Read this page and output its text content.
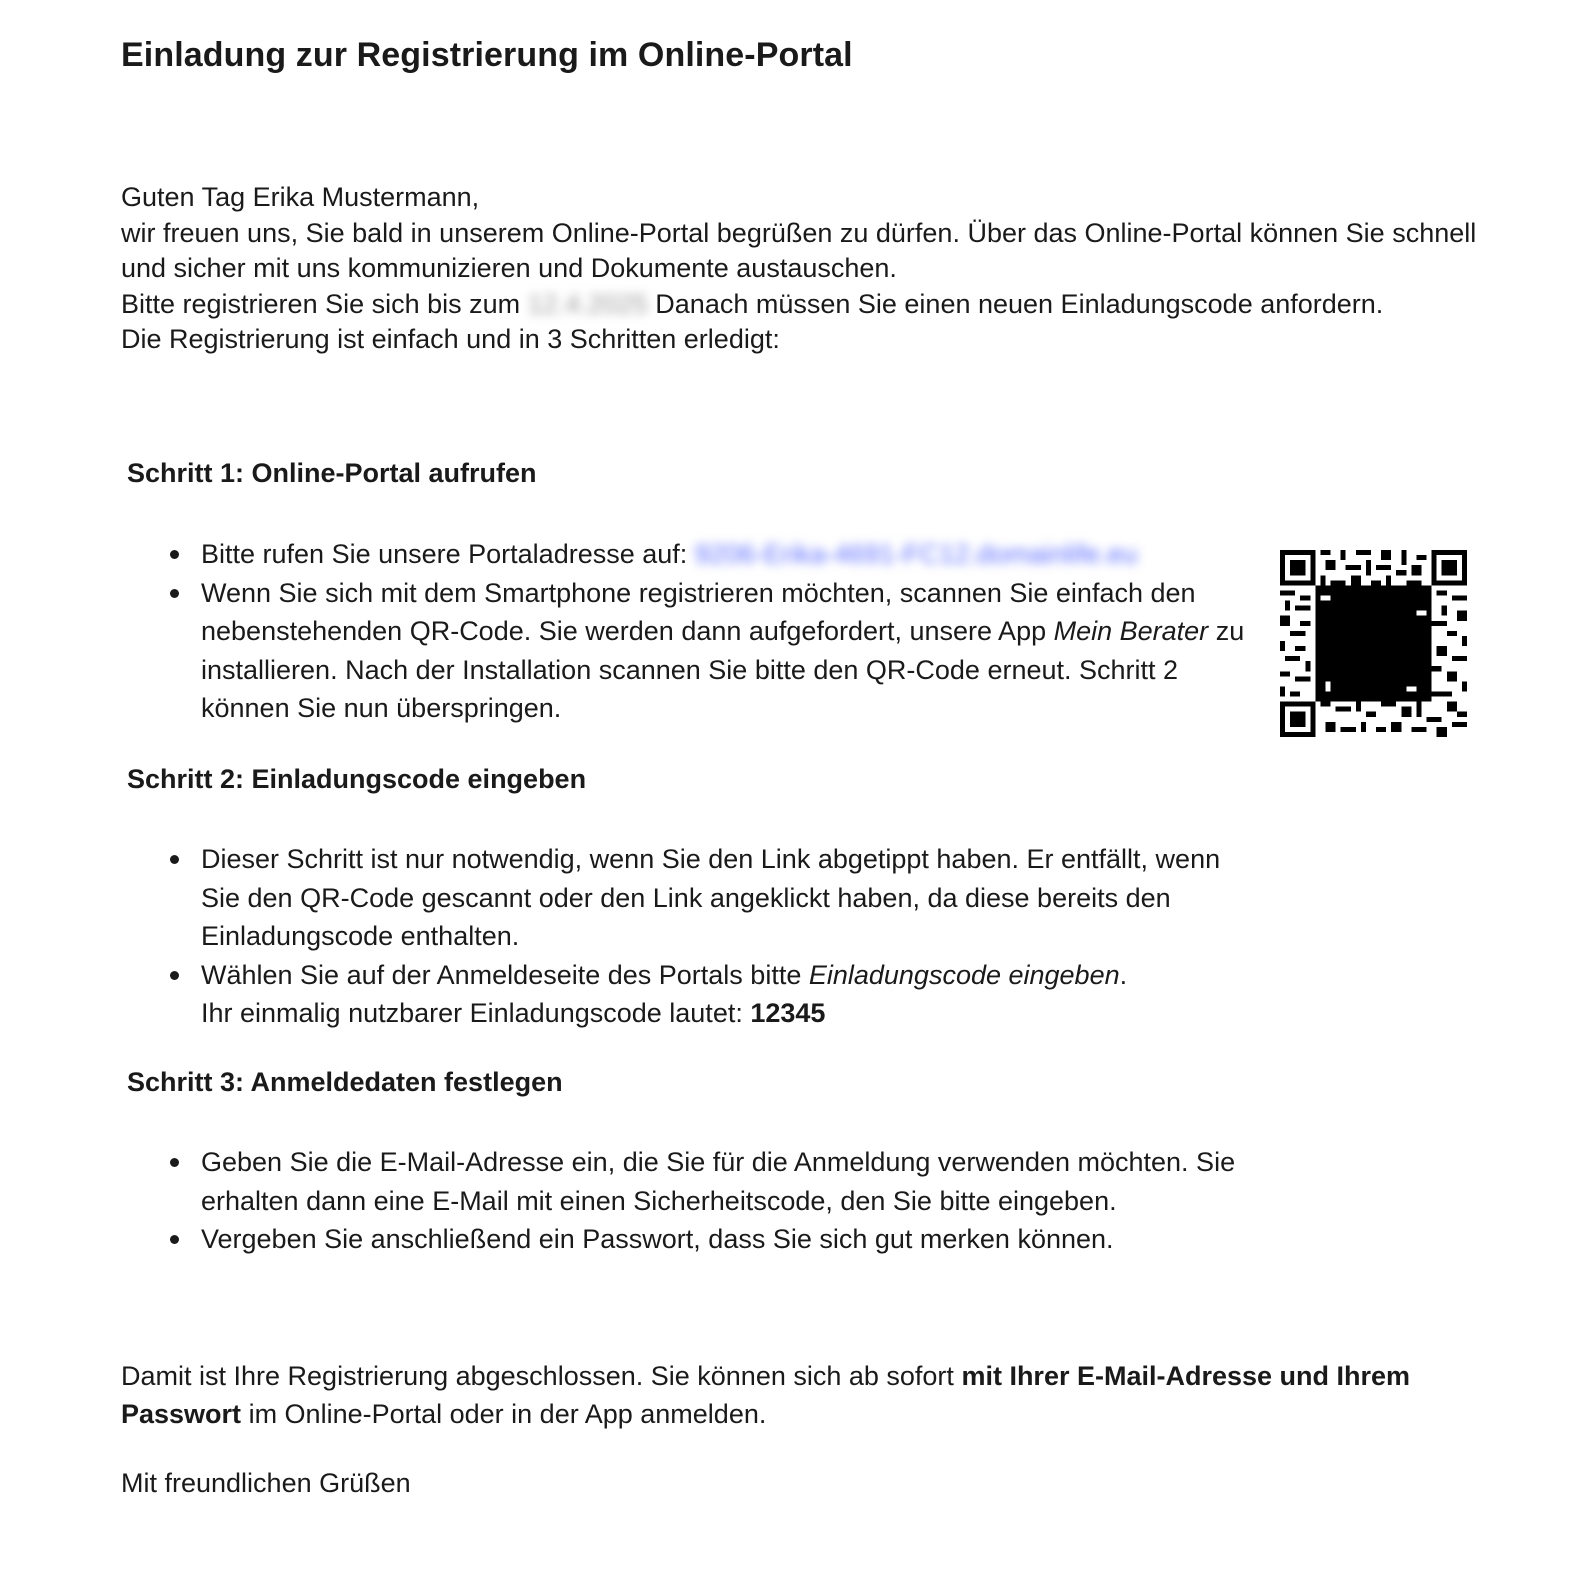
Einladung zur Registrierung im Online-Portal

Guten Tag Erika Mustermann,

wir freuen uns, Sie bald in unserem Online-Portal begrüßen zu dürfen. Über das Online-Portal können Sie schnell und sicher mit uns kommunizieren und Dokumente austauschen.

Bitte registrieren Sie sich bis zum 12.4.2025 Danach müssen Sie einen neuen Einladungscode anfordern.

Die Registrierung ist einfach und in 3 Schritten erledigt:

Schritt 1: Online-Portal aufrufen
Bitte rufen Sie unsere Portaladresse auf: 9206-Erika-4691-FC12.domainlife.eu
Wenn Sie sich mit dem Smartphone registrieren möchten, scannen Sie einfach den nebenstehenden QR-Code. Sie werden dann aufgefordert, unsere App Mein Berater zu installieren. Nach der Installation scannen Sie bitte den QR-Code erneut. Schritt 2 können Sie nun überspringen.
Schritt 2: Einladungscode eingeben
Dieser Schritt ist nur notwendig, wenn Sie den Link abgetippt haben. Er entfällt, wenn Sie den QR-Code gescannt oder den Link angeklickt haben, da diese bereits den Einladungscode enthalten.
Wählen Sie auf der Anmeldeseite des Portals bitte Einladungscode eingeben.
Ihr einmalig nutzbarer Einladungscode lautet: 12345
Schritt 3: Anmeldedaten festlegen
Geben Sie die E-Mail-Adresse ein, die Sie für die Anmeldung verwenden möchten. Sie erhalten dann eine E-Mail mit einen Sicherheitscode, den Sie bitte eingeben.
Vergeben Sie anschließend ein Passwort, dass Sie sich gut merken können.

Damit ist Ihre Registrierung abgeschlossen. Sie können sich ab sofort mit Ihrer E-Mail-Adresse und Ihrem Passwort im Online-Portal oder in der App anmelden.

Mit freundlichen Grüßen
